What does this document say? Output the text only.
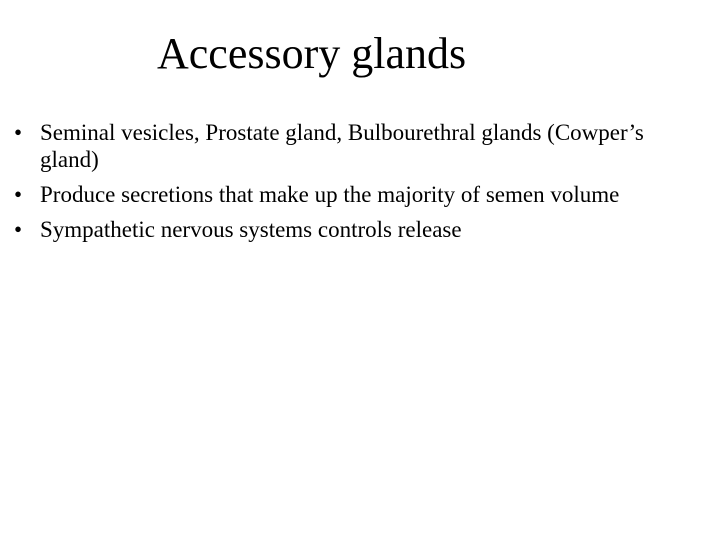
Accessory glands
• Seminal vesicles, Prostate gland, Bulbourethral glands (Cowper’s gland)
• Produce secretions that make up the majority of semen volume
• Sympathetic nervous systems controls release
